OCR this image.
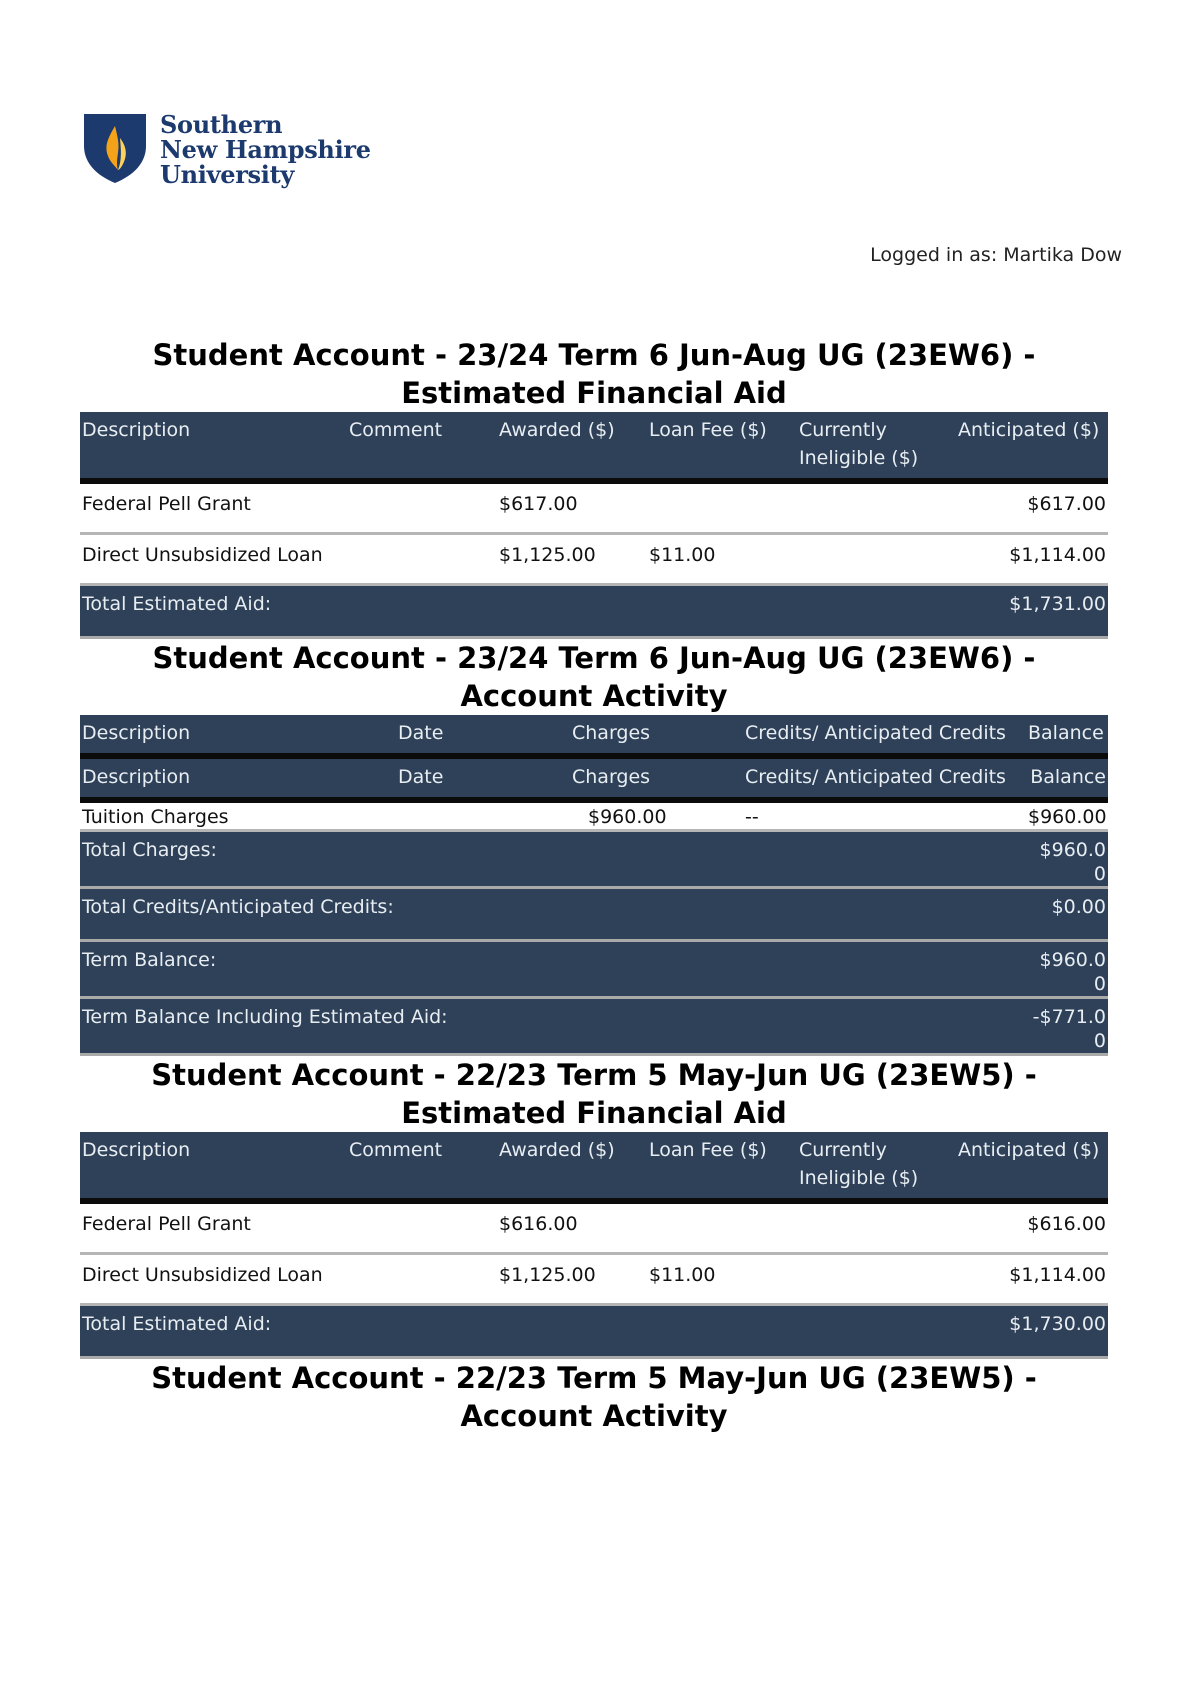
Southern
New Hampshire
University
Logged in as: Martika Dow
Student Account - 23/24 Term 6 Jun-Aug UG (23EW6) - Estimated Financial Aid
Description	Comment	Awarded ($)	Loan Fee ($)	Currently Ineligible ($)	Anticipated ($)
Federal Pell Grant		$617.00			$617.00
Direct Unsubsidized Loan		$1,125.00	$11.00		$1,114.00
Total Estimated Aid:					$1,731.00
Student Account - 23/24 Term 6 Jun-Aug UG (23EW6) - Account Activity
Description	Date	Charges	Credits/ Anticipated Credits	Balance
Description	Date	Charges	Credits/ Anticipated Credits	Balance
Tuition Charges		$960.00	--	$960.00
Total Charges:				$960.00
Total Credits/Anticipated Credits:				$0.00
Term Balance:				$960.00
Term Balance Including Estimated Aid:				-$771.00
Student Account - 22/23 Term 5 May-Jun UG (23EW5) - Estimated Financial Aid
Description	Comment	Awarded ($)	Loan Fee ($)	Currently Ineligible ($)	Anticipated ($)
Federal Pell Grant		$616.00			$616.00
Direct Unsubsidized Loan		$1,125.00	$11.00		$1,114.00
Total Estimated Aid:					$1,730.00
Student Account - 22/23 Term 5 May-Jun UG (23EW5) - Account Activity
